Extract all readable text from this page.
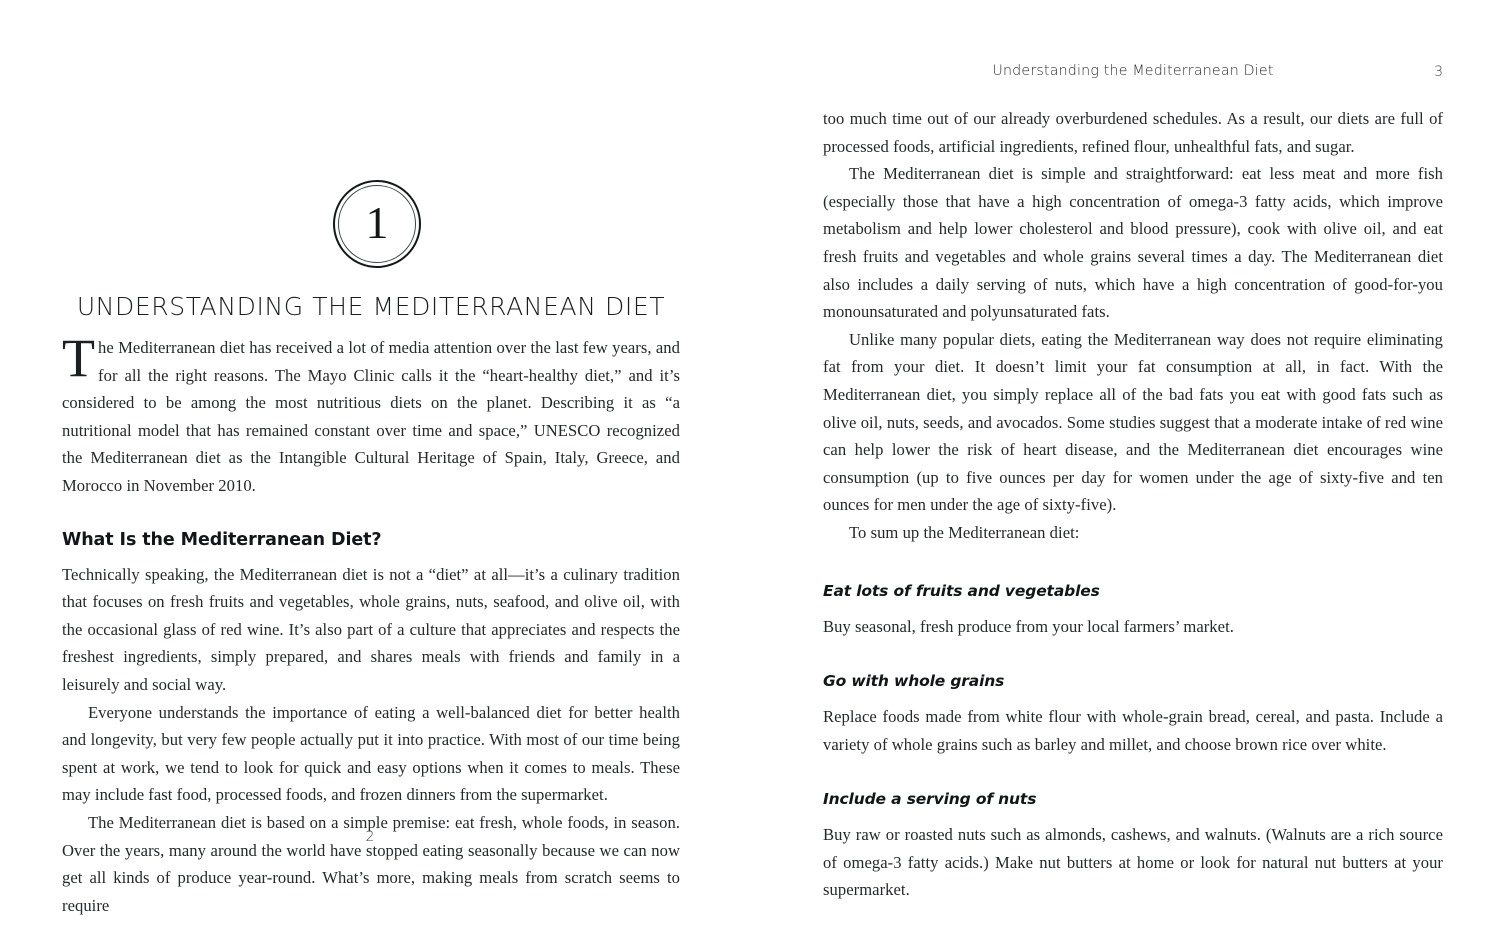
1
UNDERSTANDING THE MEDITERRANEAN DIET

The Mediterranean diet has received a lot of media attention over the last few years, and for all the right reasons. The Mayo Clinic calls it the “heart-healthy diet,” and it’s considered to be among the most nutritious diets on the planet. Describing it as “a nutritional model that has remained constant over time and space,” UNESCO recognized the Mediterranean diet as the Intangible Cultural Heritage of Spain, Italy, Greece, and Morocco in November 2010.

What Is the Mediterranean Diet?

Technically speaking, the Mediterranean diet is not a “diet” at all—it’s a culinary tradition that focuses on fresh fruits and vegetables, whole grains, nuts, seafood, and olive oil, with the occasional glass of red wine. It’s also part of a culture that appreciates and respects the freshest ingredients, simply prepared, and shares meals with friends and family in a leisurely and social way.

Everyone understands the importance of eating a well-balanced diet for better health and longevity, but very few people actually put it into practice. With most of our time being spent at work, we tend to look for quick and easy options when it comes to meals. These may include fast food, processed foods, and frozen dinners from the supermarket.

The Mediterranean diet is based on a simple premise: eat fresh, whole foods, in season. Over the years, many around the world have stopped eating seasonally because we can now get all kinds of produce year-round. What’s more, making meals from scratch seems to require

2
Understanding the Mediterranean Diet	3

too much time out of our already overburdened schedules. As a result, our diets are full of processed foods, artificial ingredients, refined flour, unhealthful fats, and sugar.

The Mediterranean diet is simple and straightforward: eat less meat and more fish (especially those that have a high concentration of omega-3 fatty acids, which improve metabolism and help lower cholesterol and blood pressure), cook with olive oil, and eat fresh fruits and vegetables and whole grains several times a day. The Mediterranean diet also includes a daily serving of nuts, which have a high concentration of good-for-you monounsaturated and polyunsaturated fats.

Unlike many popular diets, eating the Mediterranean way does not require eliminating fat from your diet. It doesn’t limit your fat consumption at all, in fact. With the Mediterranean diet, you simply replace all of the bad fats you eat with good fats such as olive oil, nuts, seeds, and avocados. Some studies suggest that a moderate intake of red wine can help lower the risk of heart disease, and the Mediterranean diet encourages wine consumption (up to five ounces per day for women under the age of sixty-five and ten ounces for men under the age of sixty-five).

To sum up the Mediterranean diet:

Eat lots of fruits and vegetables

Buy seasonal, fresh produce from your local farmers’ market.

Go with whole grains

Replace foods made from white flour with whole-grain bread, cereal, and pasta. Include a variety of whole grains such as barley and millet, and choose brown rice over white.

Include a serving of nuts

Buy raw or roasted nuts such as almonds, cashews, and walnuts. (Walnuts are a rich source of omega-3 fatty acids.) Make nut butters at home or look for natural nut butters at your supermarket.
